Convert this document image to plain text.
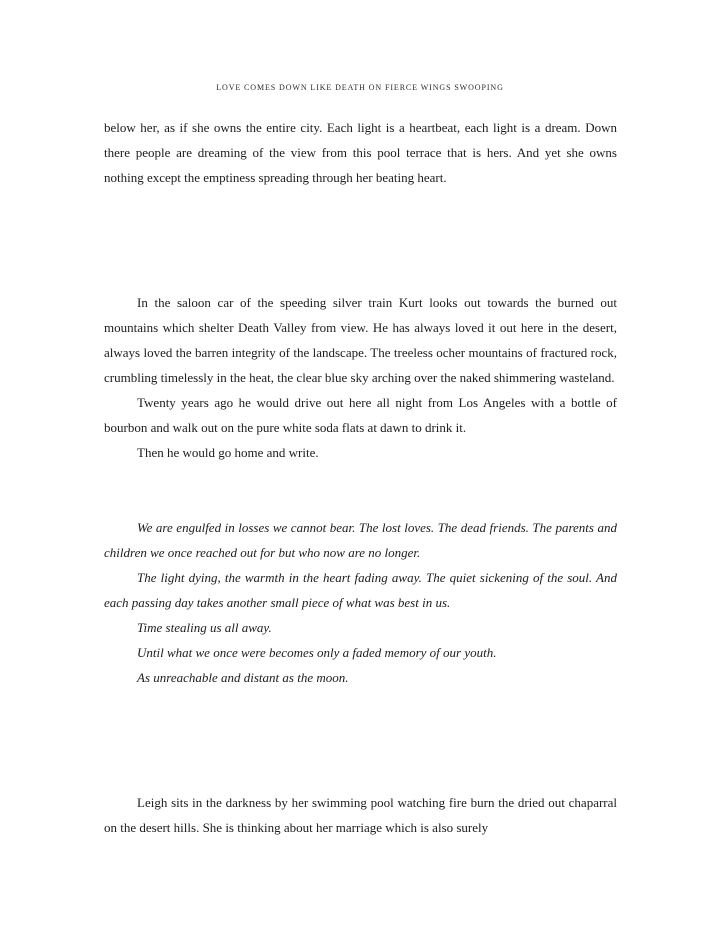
LOVE COMES DOWN LIKE DEATH ON FIERCE WINGS SWOOPING

below her, as if she owns the entire city. Each light is a heartbeat, each light is a dream. Down there people are dreaming of the view from this pool terrace that is hers. And yet she owns nothing except the emptiness spreading through her beating heart.

In the saloon car of the speeding silver train Kurt looks out towards the burned out mountains which shelter Death Valley from view. He has always loved it out here in the desert, always loved the barren integrity of the landscape. The treeless ocher mountains of fractured rock, crumbling timelessly in the heat, the clear blue sky arching over the naked shimmering wasteland.

Twenty years ago he would drive out here all night from Los Angeles with a bottle of bourbon and walk out on the pure white soda flats at dawn to drink it.

Then he would go home and write.

We are engulfed in losses we cannot bear. The lost loves. The dead friends. The parents and children we once reached out for but who now are no longer.

The light dying, the warmth in the heart fading away. The quiet sickening of the soul. And each passing day takes another small piece of what was best in us.

Time stealing us all away.

Until what we once were becomes only a faded memory of our youth.

As unreachable and distant as the moon.

Leigh sits in the darkness by her swimming pool watching fire burn the dried out chaparral on the desert hills. She is thinking about her marriage which is also surely
